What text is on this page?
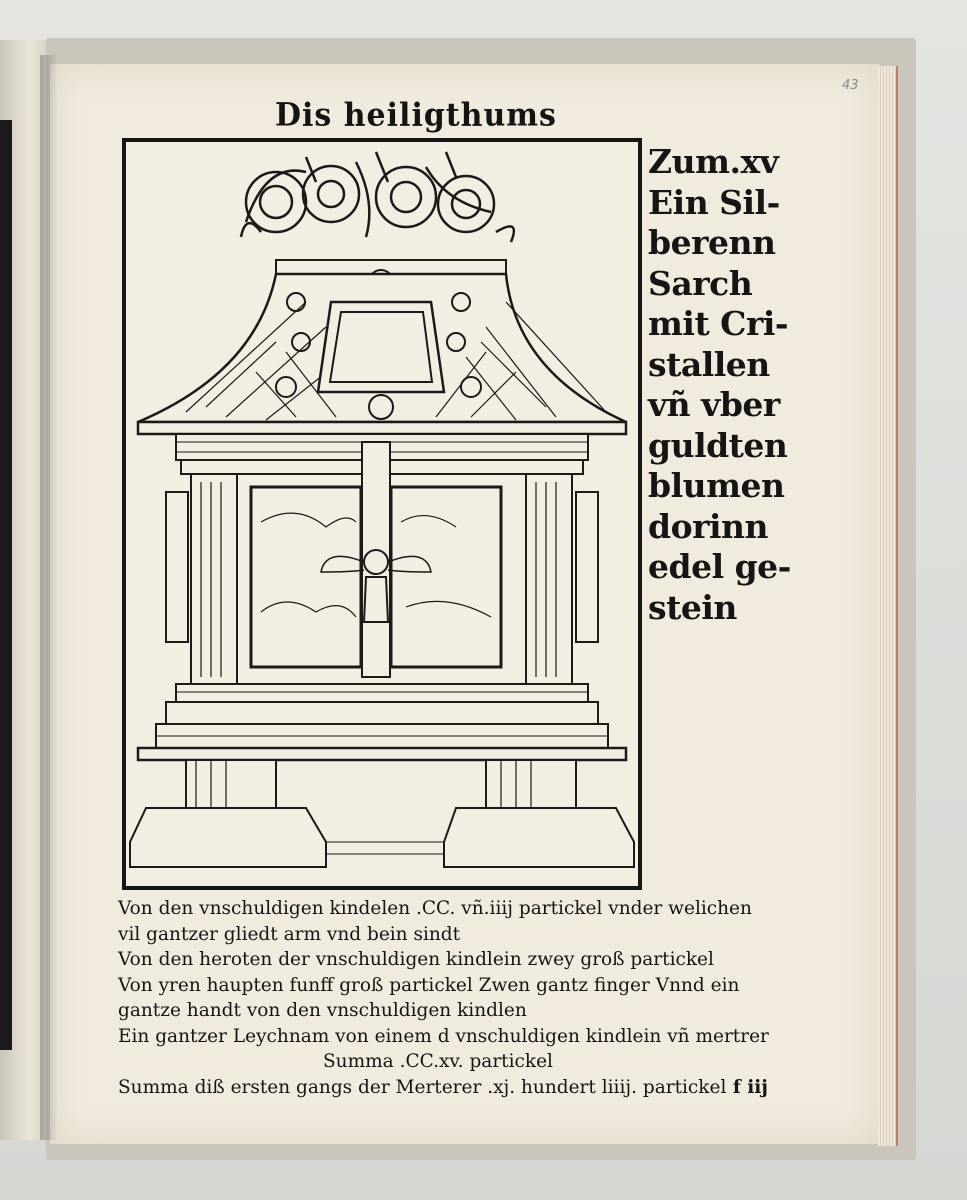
43
Dis heiligthums
Zum.xv
Ein Sil-
berenn
Sarch
mit Cri-
stallen
vñ vber
guldten
blumen
dorinn
edel ge-
stein
Von den vnschuldigen kindelen .CC. vñ.iiij partickel vnder welichen
vil gantzer gliedt arm vnd bein sindt
Von den heroten der vnschuldigen kindlein zwey groß partickel
Von yren haupten funff groß partickel Zwen gantz finger Vnnd ein
gantze handt von den vnschuldigen kindlen
Ein gantzer Leychnam von einem d vnschuldigen kindlein vñ mertrer
Summa .CC.xv. partickel
Summa diß ersten gangs der Merterer .xj. hundert liiij. partickel f iij
